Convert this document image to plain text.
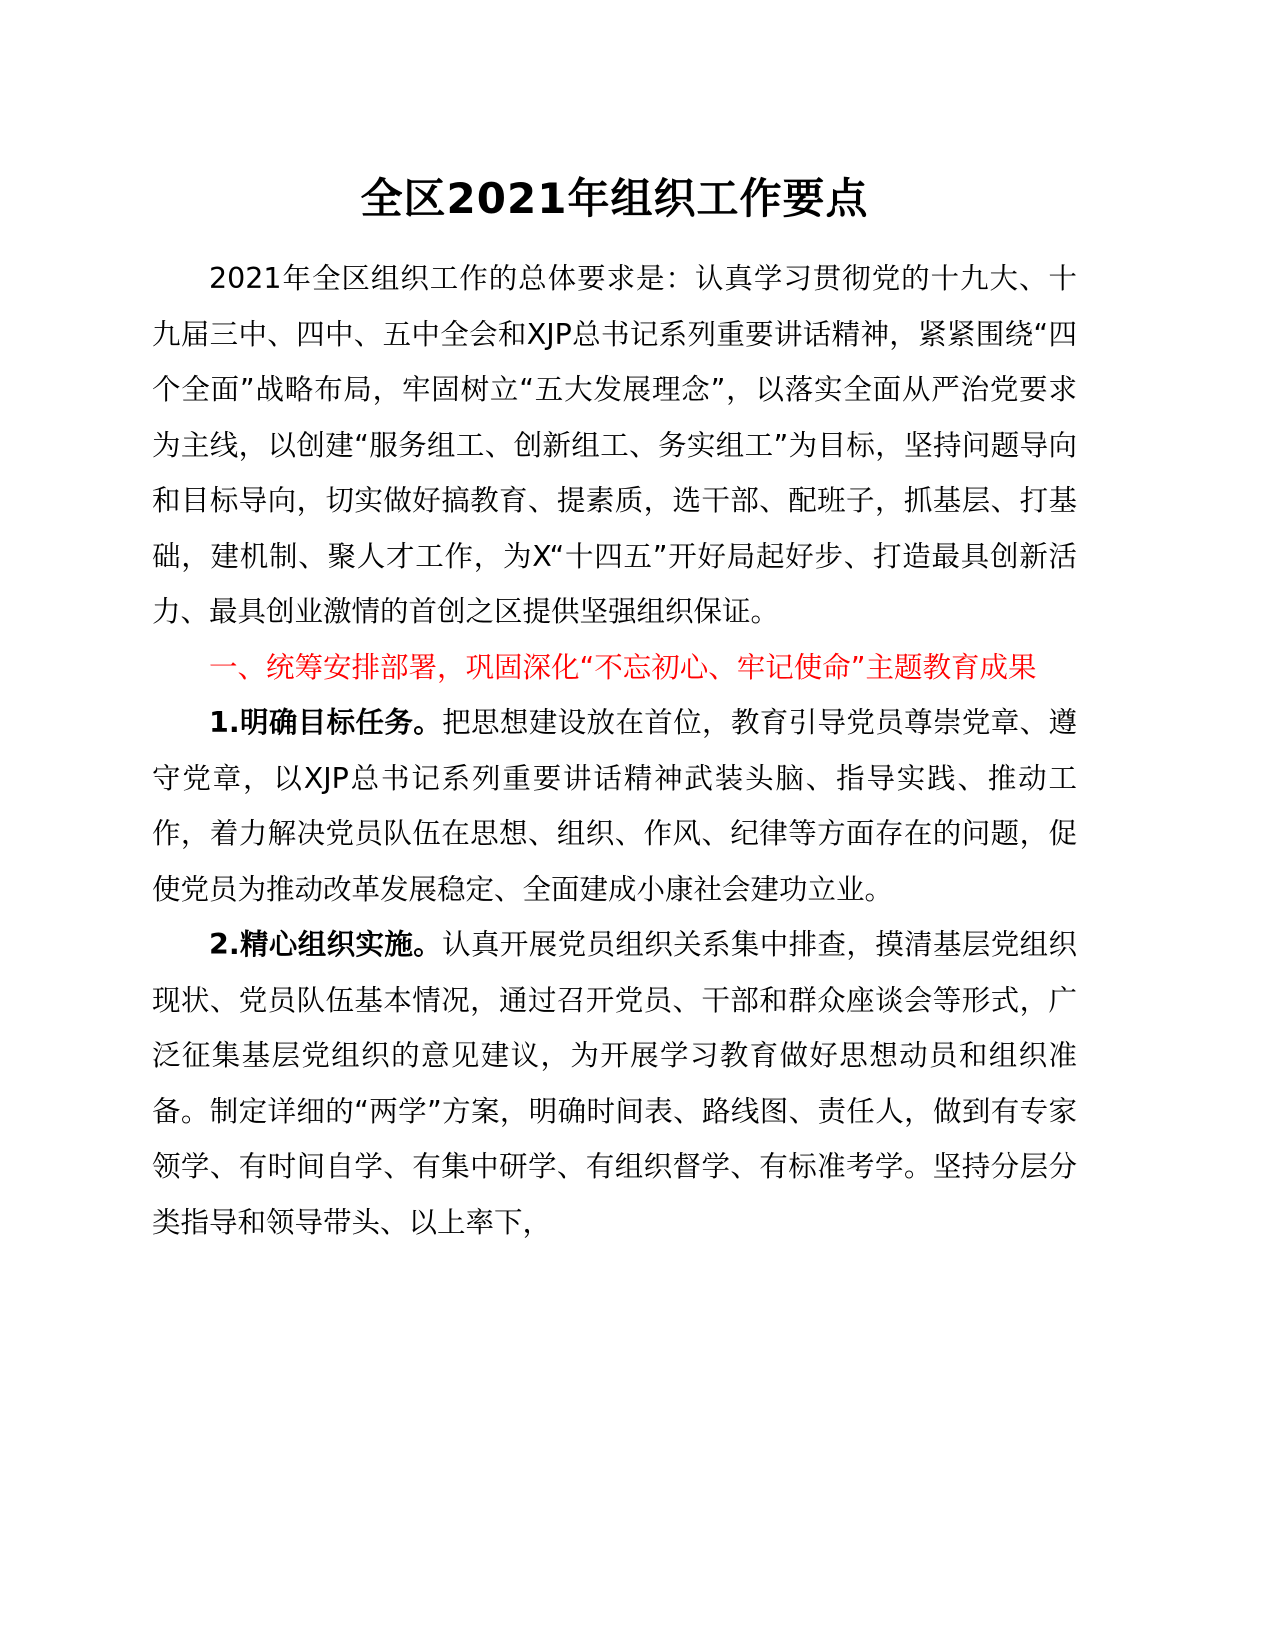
全区2021年组织工作要点

2021年全区组织工作的总体要求是：认真学习贯彻党的十九大、十九届三中、四中、五中全会和XJP总书记系列重要讲话精神，紧紧围绕“四个全面”战略布局，牢固树立“五大发展理念”，以落实全面从严治党要求为主线，以创建“服务组工、创新组工、务实组工”为目标，坚持问题导向和目标导向，切实做好搞教育、提素质，选干部、配班子，抓基层、打基础，建机制、聚人才工作，为X“十四五”开好局起好步、打造最具创新活力、最具创业激情的首创之区提供坚强组织保证。

一、统筹安排部署，巩固深化“不忘初心、牢记使命”主题教育成果

1.明确目标任务。把思想建设放在首位，教育引导党员尊崇党章、遵守党章，以XJP总书记系列重要讲话精神武装头脑、指导实践、推动工作，着力解决党员队伍在思想、组织、作风、纪律等方面存在的问题，促使党员为推动改革发展稳定、全面建成小康社会建功立业。

2.精心组织实施。认真开展党员组织关系集中排查，摸清基层党组织现状、党员队伍基本情况，通过召开党员、干部和群众座谈会等形式，广泛征集基层党组织的意见建议，为开展学习教育做好思想动员和组织准备。制定详细的“两学”方案，明确时间表、路线图、责任人，做到有专家领学、有时间自学、有集中研学、有组织督学、有标准考学。坚持分层分类指导和领导带头、以上率下，
